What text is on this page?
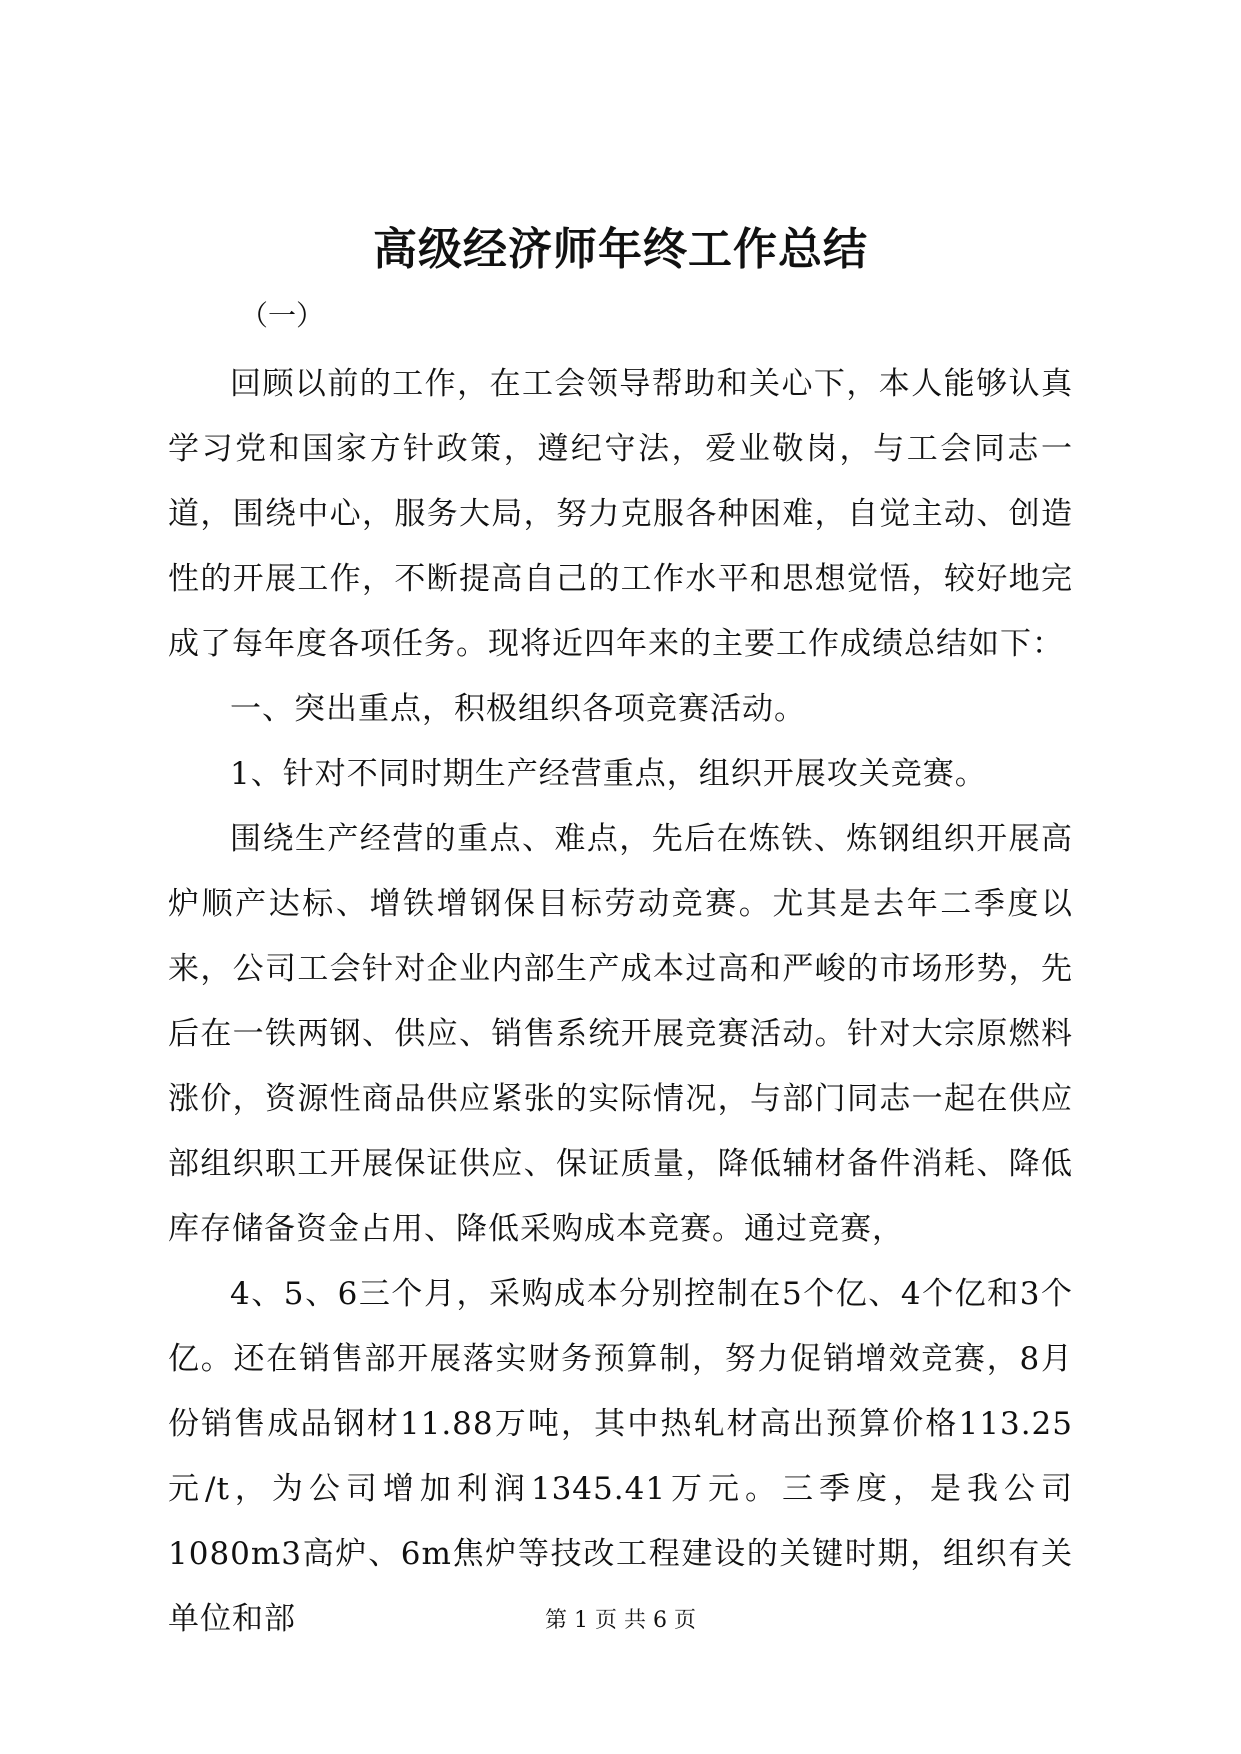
高级经济师年终工作总结
（一）

回顾以前的工作，在工会领导帮助和关心下，本人能够认真学习党和国家方针政策，遵纪守法，爱业敬岗，与工会同志一道，围绕中心，服务大局，努力克服各种困难，自觉主动、创造性的开展工作，不断提高自己的工作水平和思想觉悟，较好地完成了每年度各项任务。现将近四年来的主要工作成绩总结如下：

一、突出重点，积极组织各项竞赛活动。

1、针对不同时期生产经营重点，组织开展攻关竞赛。

围绕生产经营的重点、难点，先后在炼铁、炼钢组织开展高炉顺产达标、增铁增钢保目标劳动竞赛。尤其是去年二季度以来，公司工会针对企业内部生产成本过高和严峻的市场形势，先后在一铁两钢、供应、销售系统开展竞赛活动。针对大宗原燃料涨价，资源性商品供应紧张的实际情况，与部门同志一起在供应部组织职工开展保证供应、保证质量，降低辅材备件消耗、降低库存储备资金占用、降低采购成本竞赛。通过竞赛，

4、5、6三个月，采购成本分别控制在5个亿、4个亿和3个亿。还在销售部开展落实财务预算制，努力促销增效竞赛，8月份销售成品钢材11.88万吨，其中热轧材高出预算价格113.25元/t，为公司增加利润1345.41万元。三季度，是我公司1080m3高炉、6m焦炉等技改工程建设的关键时期，组织有关单位和部	第 1 页 共 6 页
